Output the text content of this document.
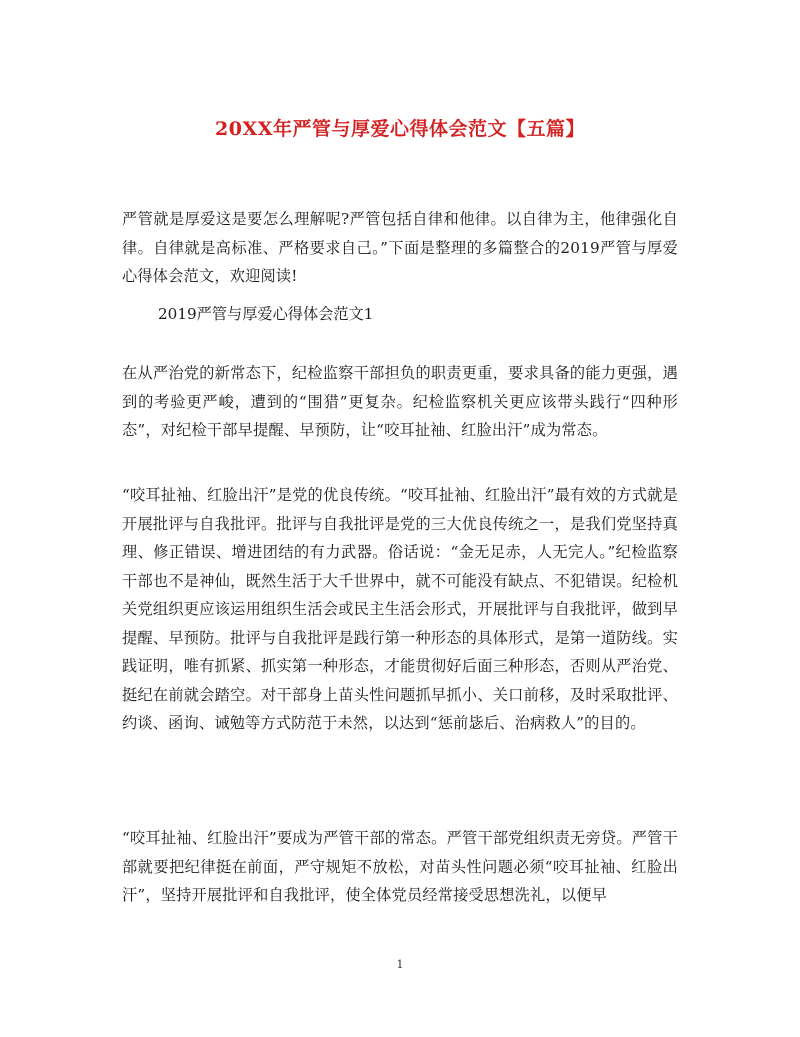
20XX年严管与厚爱心得体会范文【五篇】
严管就是厚爱这是要怎么理解呢?严管包括自律和他律。以自律为主，他律强化自律。自律就是高标准、严格要求自己。”下面是整理的多篇整合的2019严管与厚爱心得体会范文，欢迎阅读!
2019严管与厚爱心得体会范文1
在从严治党的新常态下，纪检监察干部担负的职责更重，要求具备的能力更强，遇到的考验更严峻，遭到的“围猎”更复杂。纪检监察机关更应该带头践行“四种形态”，对纪检干部早提醒、早预防，让“咬耳扯袖、红脸出汗”成为常态。
“咬耳扯袖、红脸出汗”是党的优良传统。“咬耳扯袖、红脸出汗”最有效的方式就是开展批评与自我批评。批评与自我批评是党的三大优良传统之一，是我们党坚持真理、修正错误、增进团结的有力武器。俗话说：“金无足赤，人无完人。”纪检监察干部也不是神仙，既然生活于大千世界中，就不可能没有缺点、不犯错误。纪检机关党组织更应该运用组织生活会或民主生活会形式，开展批评与自我批评，做到早提醒、早预防。批评与自我批评是践行第一种形态的具体形式，是第一道防线。实践证明，唯有抓紧、抓实第一种形态，才能贯彻好后面三种形态，否则从严治党、挺纪在前就会踏空。对干部身上苗头性问题抓早抓小、关口前移，及时采取批评、约谈、函询、诫勉等方式防范于未然，以达到“惩前毖后、治病救人”的目的。
“咬耳扯袖、红脸出汗”要成为严管干部的常态。严管干部党组织责无旁贷。严管干部就要把纪律挺在前面，严守规矩不放松，对苗头性问题必须“咬耳扯袖、红脸出汗”，坚持开展批评和自我批评，使全体党员经常接受思想洗礼，以便早
1
